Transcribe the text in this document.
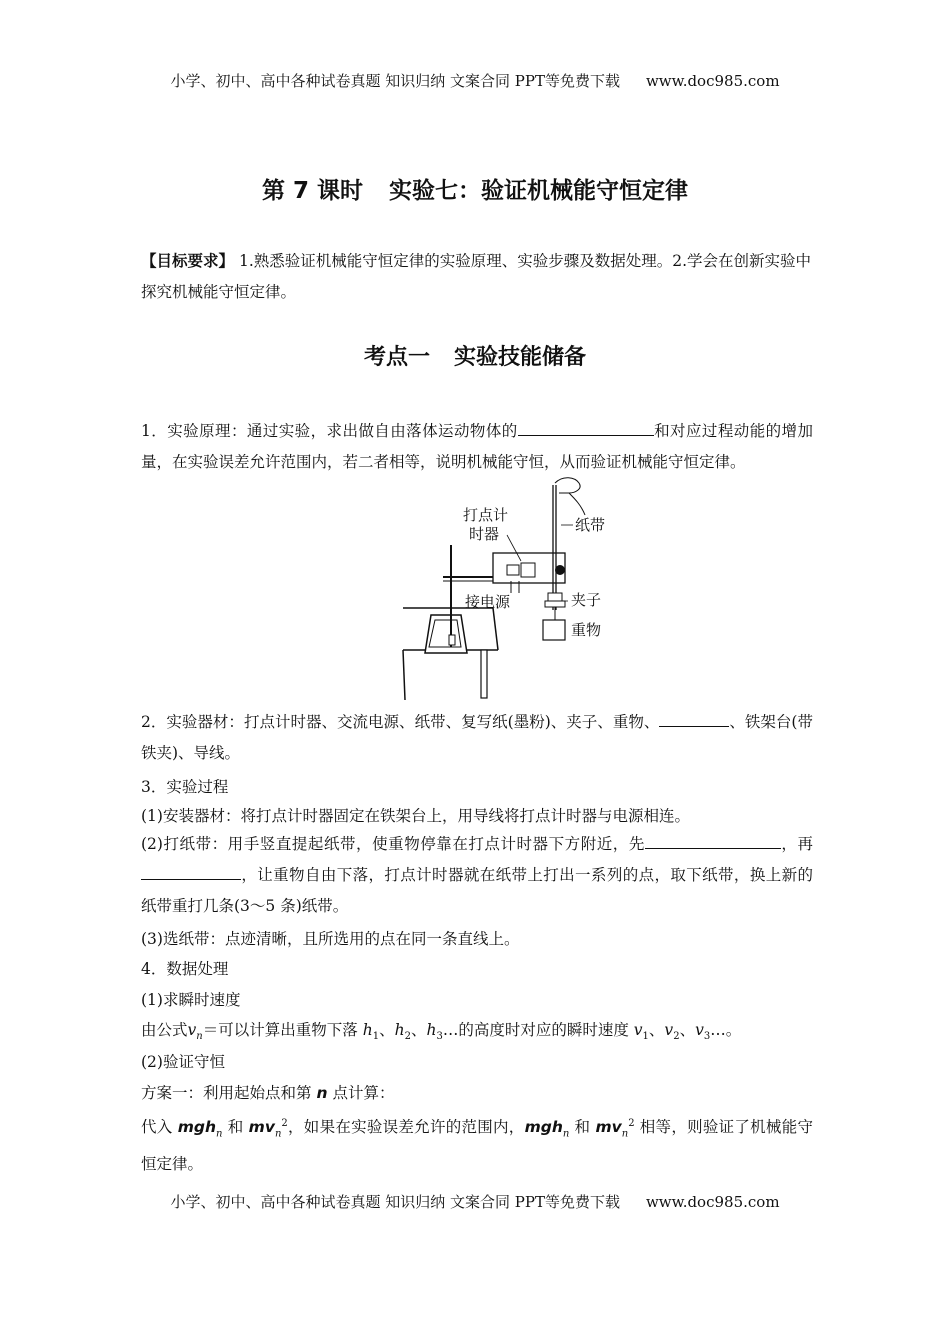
小学、初中、高中各种试卷真题 知识归纳 文案合同 PPT等免费下载 www.doc985.com
第 7 课时 实验七：验证机械能守恒定律
【目标要求】 1.熟悉验证机械能守恒定律的实验原理、实验步骤及数据处理。2.学会在创新实验中探究机械能守恒定律。
考点一 实验技能储备
1．实验原理：通过实验，求出做自由落体运动物体的	和对应过程动能的增加量，在实验误差允许范围内，若二者相等，说明机械能守恒，从而验证机械能守恒定律。
打点计
时器	纸带
夹子
接电源
重物
2．实验器材：打点计时器、交流电源、纸带、复写纸(墨粉)、夹子、重物、	、铁架台(带铁夹)、导线。
3．实验过程
(1)安装器材：将打点计时器固定在铁架台上，用导线将打点计时器与电源相连。
(2)打纸带：用手竖直提起纸带，使重物停靠在打点计时器下方附近，先	，再，让重物自由下落，打点计时器就在纸带上打出一系列的点，取下纸带，换上新的纸带重打几条(3～5 条)纸带。
(3)选纸带：点迹清晰，且所选用的点在同一条直线上。
4．数据处理
(1)求瞬时速度
由公式$v_n=$可以计算出重物下落 $h_1$、$h_2$、$h_3\dots$的高度时对应的瞬时速度 $v_1$、$v_2$、$v_3\dots$。
(2)验证守恒
方案一：利用起始点和第 n 点计算：
代入 mgh$_n$ 和 $mv_n^2$，如果在实验误差允许的范围内，mgh$_n$ 和 $mv_n^2$ 相等，则验证了机械能守恒定律。
小学、初中、高中各种试卷真题 知识归纳 文案合同 PPT等免费下载 www.doc985.com
